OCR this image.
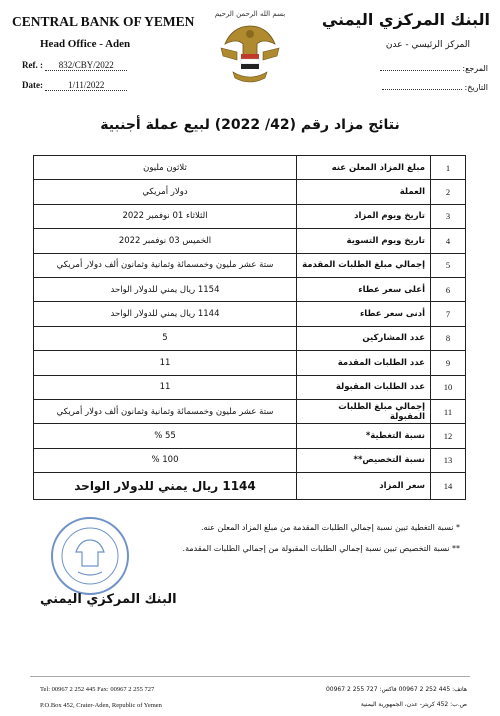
CENTRAL BANK OF YEMEN
Head Office - Aden
Ref. : 832/CBY/2022
Date:	1/11/2022
بسم الله الرحمن الرحيم البنك المركزي اليمني
المركز الرئيسي - عدن
المرجع:
التاريخ:
نتائج مزاد رقم (42/ 2022) لبيع عملة أجنبية
1	مبلغ المزاد المعلن عنه	ثلاثون مليون
2	العملة	دولار أمريكي
3	تاريخ ويوم المزاد	الثلاثاء 01 نوفمبر 2022
4	تاريخ ويوم التسوية	الخميس 03 نوفمبر 2022
5	إجمالي مبلغ الطلبات المقدمة	ستة عشر مليون وخمسمائة وثمانية وثمانون ألف دولار أمريكي
6	أعلى سعر عطاء	1154 ريال يمني للدولار الواحد
7	أدنى سعر عطاء	1144 ريال يمني للدولار الواحد
8	عدد المشاركين	5
9	عدد الطلبات المقدمة	11
10	عدد الطلبات المقبولة	11
11	إجمالي مبلغ الطلبات المقبولة	ستة عشر مليون وخمسمائة وثمانية وثمانون ألف دولار أمريكي
12	نسبة التغطية*	55 %
13	نسبة التخصيص**	100 %
14	سعر المزاد	1144 ريال يمني للدولار الواحد
* نسبة التغطية تبين نسبة إجمالي الطلبات المقدمة من مبلغ المزاد المعلن عنه.
** نسبة التخصيص تبين نسبة إجمالي الطلبات المقبولة من إجمالي الطلبات المقدمة.
البنك المركزي اليمني
Tel: 00967 2 252 445 Fax: 00967 2 255 727
P.O.Box 452, Crater-Aden, Republic of Yemen
هاتف: 445 252 2 00967 فاكس: 727 255 2 00967
ص.ب: 452 كريتر- عدن، الجمهورية اليمنية
